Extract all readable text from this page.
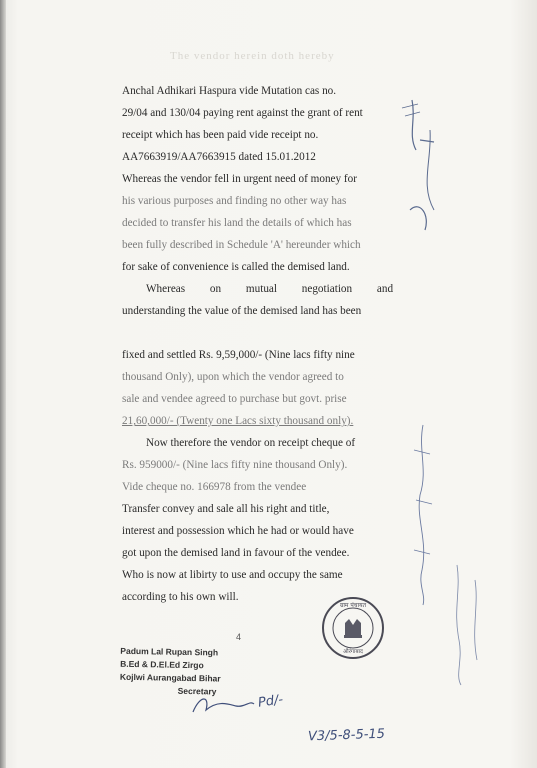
The vendor herein doth hereby

Anchal Adhikari Haspura vide Mutation cas no.

29/04 and 130/04 paying rent against the grant of rent

receipt which has been paid vide receipt no.

AA7663919/AA7663915 dated 15.01.2012

Whereas the vendor fell in urgent need of money for

his various purposes and finding no other way has

decided to transfer his land the details of which has

been fully described in Schedule 'A' hereunder which

for sake of convenience is called the demised land.

Whereas on mutual negotiation and

understanding the value of the demised land has been

fixed and settled Rs. 9,59,000/- (Nine lacs fifty nine

thousand Only), upon which the vendor agreed to

sale and vendee agreed to purchase but govt. prise

21,60,000/- (Twenty one Lacs sixty thousand only).

Now therefore the vendor on receipt cheque of

Rs. 959000/- (Nine lacs fifty nine thousand Only).

Vide cheque no. 166978 from the vendee

Transfer convey and sale all his right and title,

interest and possession which he had or would have

got upon the demised land in favour of the vendee.

Who is now at libirty to use and occupy the same

according to his own will.

ग्राम पंचायत
औरंगाबाद
4
Padum Lal Rupan Singh
B.Ed & D.El.Ed Zirgo
Kojlwi Aurangabad Bihar
Secretary
Pd/-
V3/5-8-5-15
